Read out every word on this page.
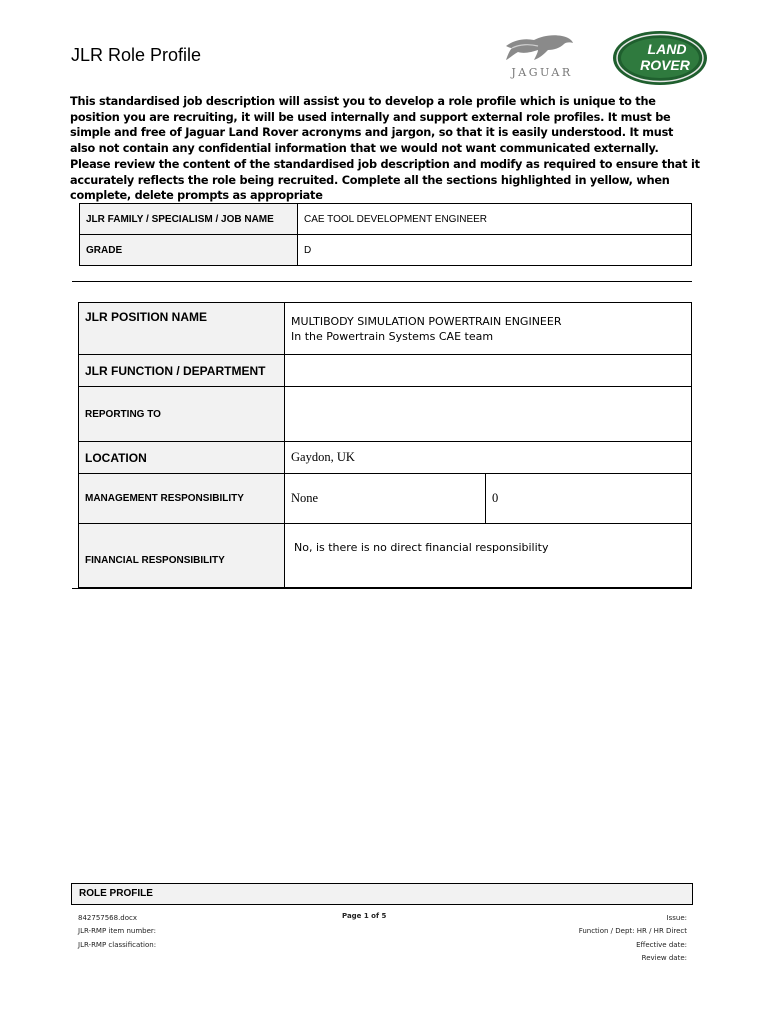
JLR Role Profile
JAGUAR
LAND
ROVER
This standardised job description will assist you to develop a role profile which is unique to the position you are recruiting, it will be used internally and support external role profiles. It must be simple and free of Jaguar Land Rover acronyms and jargon, so that it is easily understood. It must also not contain any confidential information that we would not want communicated externally. Please review the content of the standardised job description and modify as required to ensure that it accurately reflects the role being recruited. Complete all the sections highlighted in yellow, when complete, delete prompts as appropriate
JLR FAMILY / SPECIALISM / JOB NAME	CAE TOOL DEVELOPMENT ENGINEER
GRADE	D
JLR POSITION NAME	MULTIBODY SIMULATION POWERTRAIN ENGINEER
In the Powertrain Systems CAE team	

JLR FUNCTION / DEPARTMENT		
REPORTING TO		
LOCATION	Gaydon, UK	
MANAGEMENT RESPONSIBILITY	None	0
FINANCIAL RESPONSIBILITY	No, is there is no direct financial responsibility	
ROLE PROFILE
842757568.docx
JLR-RMP item number:
JLR-RMP classification:
Page 1 of 5	Issue:
Function / Dept: HR / HR Direct
Effective date:
Review date:
